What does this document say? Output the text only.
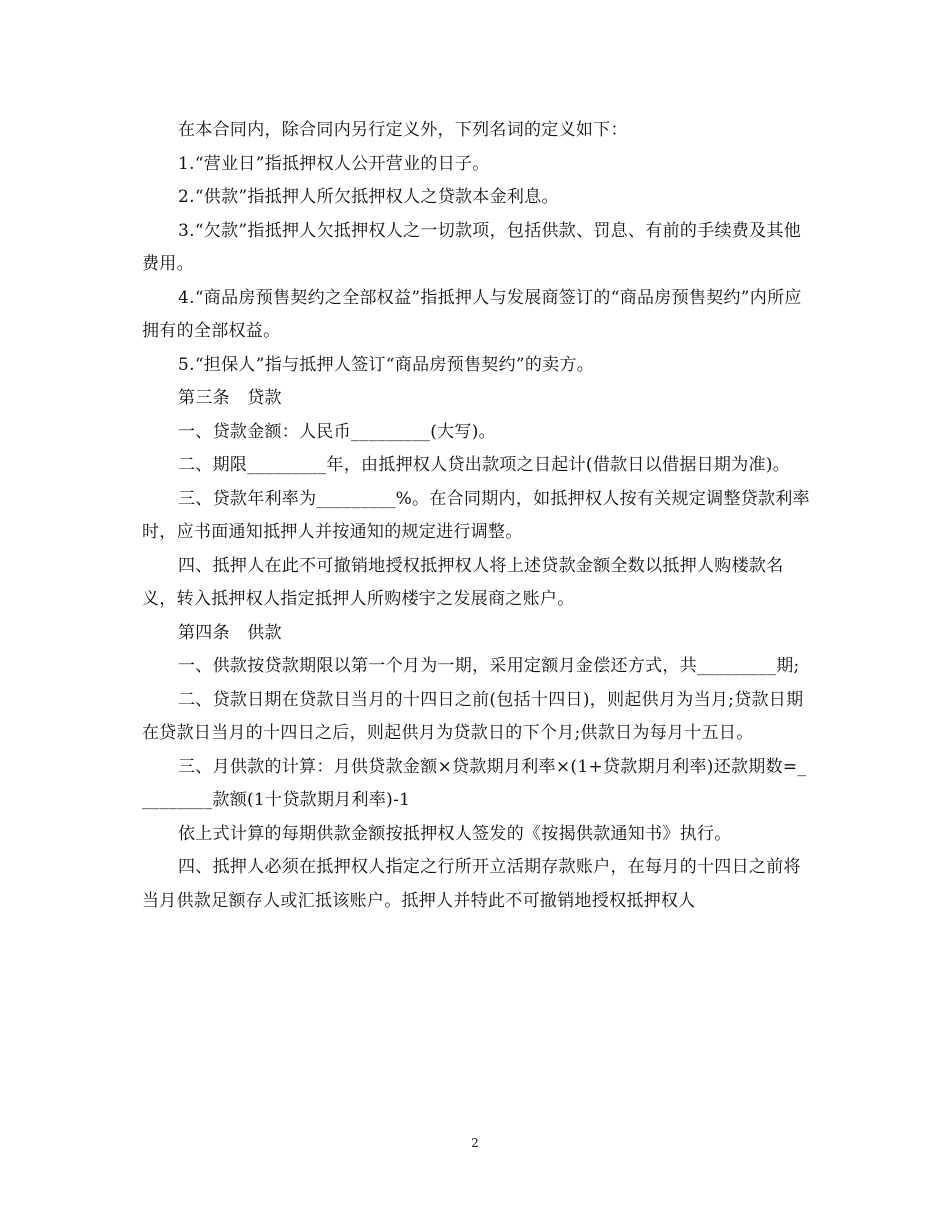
在本合同内，除合同内另行定义外，下列名词的定义如下：

1.“营业日”指抵押权人公开营业的日子。

2.“供款”指抵押人所欠抵押权人之贷款本金利息。

3.“欠款”指抵押人欠抵押权人之一切款项，包括供款、罚息、有前的手续费及其他费用。

4.“商品房预售契约之全部权益”指抵押人与发展商签订的“商品房预售契约”内所应拥有的全部权益。

5.“担保人”指与抵押人签订“商品房预售契约”的卖方。

第三条　贷款

一、贷款金额：人民币_________(大写)。

二、期限_________年，由抵押权人贷出款项之日起计(借款日以借据日期为准)。

三、贷款年利率为_________%。在合同期内，如抵押权人按有关规定调整贷款利率时，应书面通知抵押人并按通知的规定进行调整。

四、抵押人在此不可撤销地授权抵押权人将上述贷款金额全数以抵押人购楼款名义，转入抵押权人指定抵押人所购楼宇之发展商之账户。

第四条　供款

一、供款按贷款期限以第一个月为一期，采用定额月金偿还方式，共_________期;

二、贷款日期在贷款日当月的十四日之前(包括十四日)，则起供月为当月;贷款日期在贷款日当月的十四日之后，则起供月为贷款日的下个月;供款日为每月十五日。

三、月供款的计算：月供贷款金额×贷款期月利率×(1+贷款期月利率)还款期数=_________款额(1十贷款期月利率)-1

依上式计算的每期供款金额按抵押权人签发的《按揭供款通知书》执行。

四、抵押人必须在抵押权人指定之行所开立活期存款账户，在每月的十四日之前将当月供款足额存人或汇抵该账户。抵押人并特此不可撤销地授权抵押权人

2
